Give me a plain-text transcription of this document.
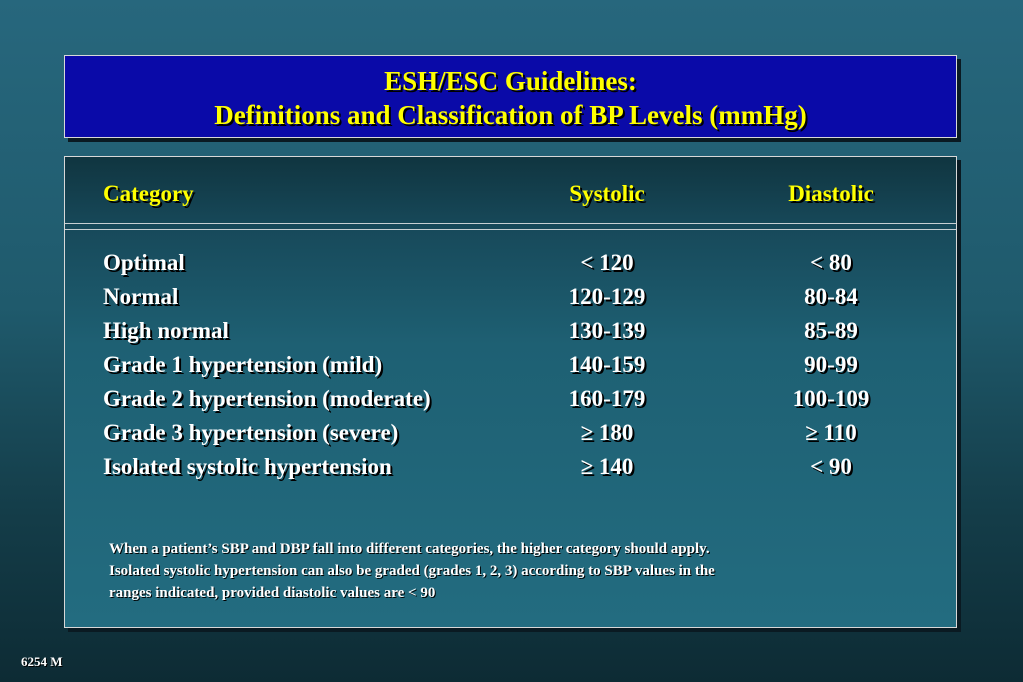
ESH/ESC Guidelines:
Definitions and Classification of BP Levels (mmHg)
Category	Systolic	Diastolic
Optimal	< 120	< 80
Normal	120-129	80-84
High normal	130-139	85-89
Grade 1 hypertension (mild)	140-159	90-99
Grade 2 hypertension (moderate)	160-179	100-109
Grade 3 hypertension (severe)	≥ 180	≥ 110
Isolated systolic hypertension	≥ 140	< 90
When a patient’s SBP and DBP fall into different categories, the higher category should apply.
Isolated systolic hypertension can also be graded (grades 1, 2, 3) according to SBP values in the
ranges indicated, provided diastolic values are < 90
6254 M
